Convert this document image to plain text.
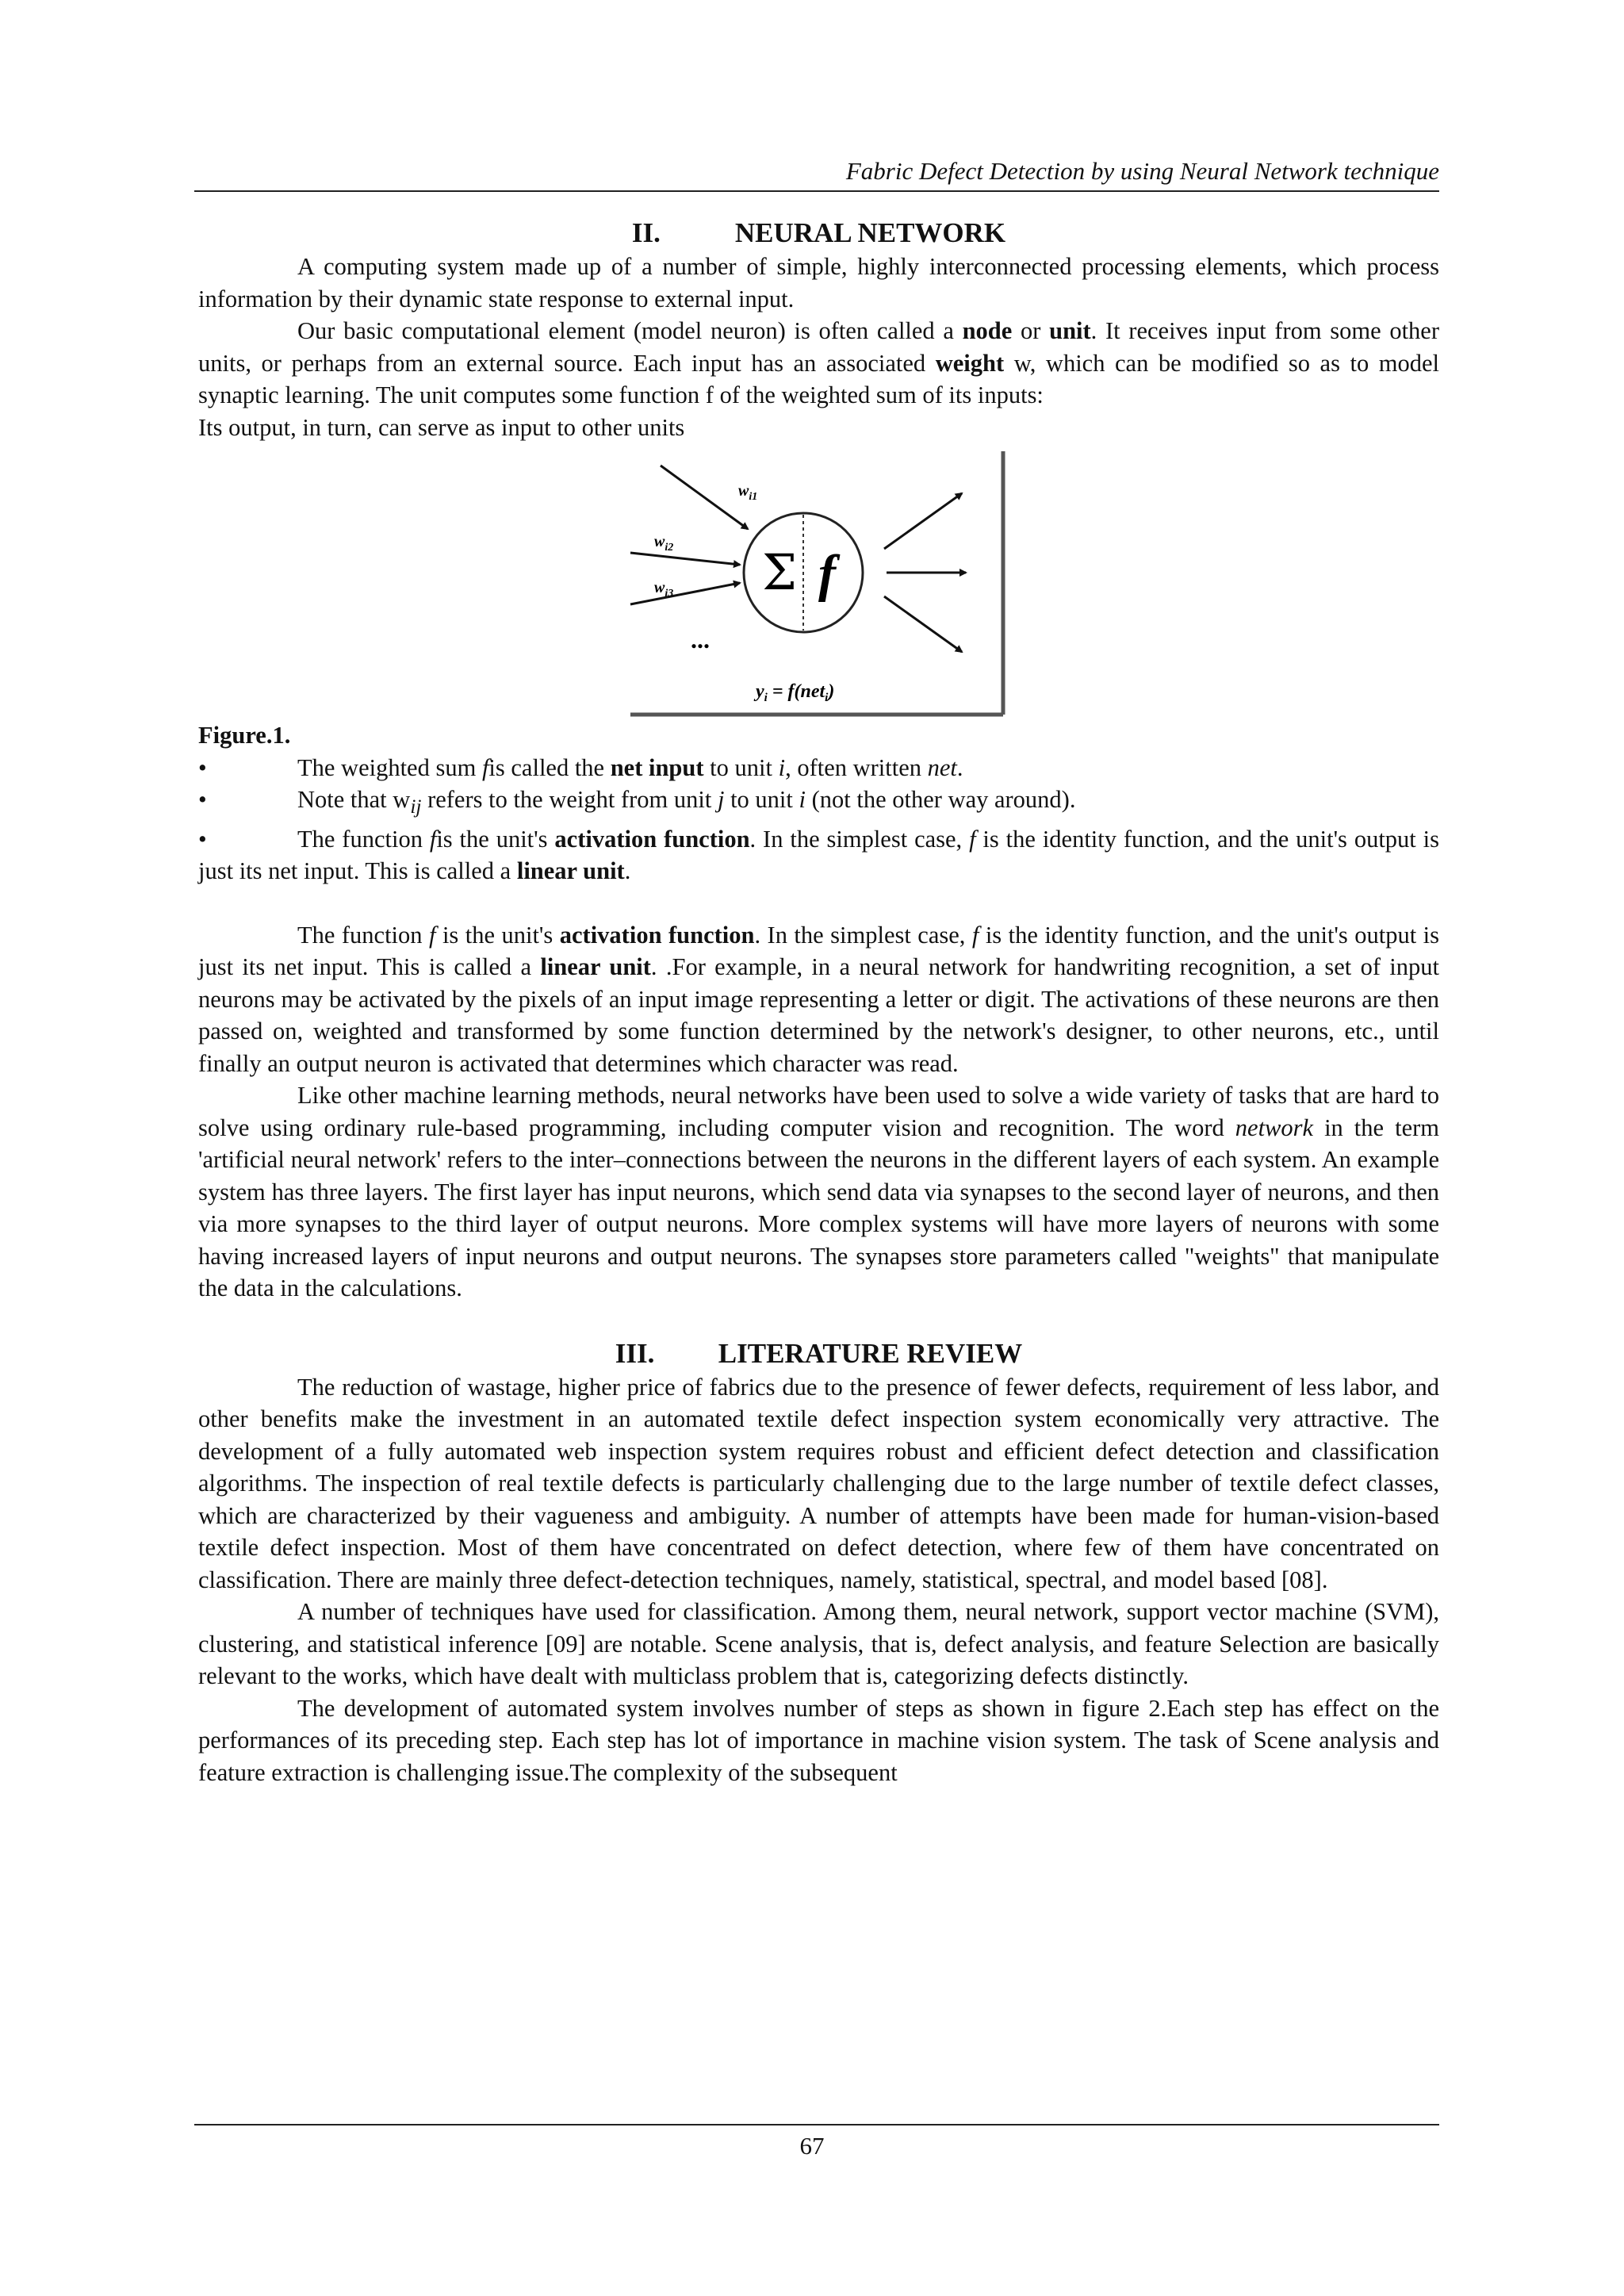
Fabric Defect Detection by using Neural Network technique
II.	NEURAL NETWORK

A computing system made up of a number of simple, highly interconnected processing elements, which process information by their dynamic state response to external input.

Our basic computational element (model neuron) is often called a node or unit. It receives input from some other units, or perhaps from an external source. Each input has an associated weight w, which can be modified so as to model synaptic learning. The unit computes some function f of the weighted sum of its inputs:

Its output, in turn, can serve as input to other units

Σ f
$w_{i1}$
$w_{i2}$
$w_{i3}$
...
$y_i = f(net_i)$

Figure.1.

•	The weighted sum fis called the net input to unit i, often written net.
•	Note that $w_{ij}$ refers to the weight from unit j to unit i (not the other way around).
•	The function fis the unit's activation function. In the simplest case, f is the identity function, and the unit's output is just its net input. This is called a linear unit.

The function f is the unit's activation function. In the simplest case, f is the identity function, and the unit's output is just its net input. This is called a linear unit. .For example, in a neural network for handwriting recognition, a set of input neurons may be activated by the pixels of an input image representing a letter or digit. The activations of these neurons are then passed on, weighted and transformed by some function determined by the network's designer, to other neurons, etc., until finally an output neuron is activated that determines which character was read.

Like other machine learning methods, neural networks have been used to solve a wide variety of tasks that are hard to solve using ordinary rule-based programming, including computer vision and recognition. The word network in the term 'artificial neural network' refers to the inter–connections between the neurons in the different layers of each system. An example system has three layers. The first layer has input neurons, which send data via synapses to the second layer of neurons, and then via more synapses to the third layer of output neurons. More complex systems will have more layers of neurons with some having increased layers of input neurons and output neurons. The synapses store parameters called "weights" that manipulate the data in the calculations.

III. LITERATURE REVIEW

The reduction of wastage, higher price of fabrics due to the presence of fewer defects, requirement of less labor, and other benefits make the investment in an automated textile defect inspection system economically very attractive. The development of a fully automated web inspection system requires robust and efficient defect detection and classification algorithms. The inspection of real textile defects is particularly challenging due to the large number of textile defect classes, which are characterized by their vagueness and ambiguity. A number of attempts have been made for human-vision-based textile defect inspection. Most of them have concentrated on defect detection, where few of them have concentrated on classification. There are mainly three defect-detection techniques, namely, statistical, spectral, and model based [08].

A number of techniques have used for classification. Among them, neural network, support vector machine (SVM), clustering, and statistical inference [09] are notable. Scene analysis, that is, defect analysis, and feature Selection are basically relevant to the works, which have dealt with multiclass problem that is, categorizing defects distinctly.

The development of automated system involves number of steps as shown in figure 2.Each step has effect on the performances of its preceding step. Each step has lot of importance in machine vision system. The task of Scene analysis and feature extraction is challenging issue.The complexity of the subsequent

67
